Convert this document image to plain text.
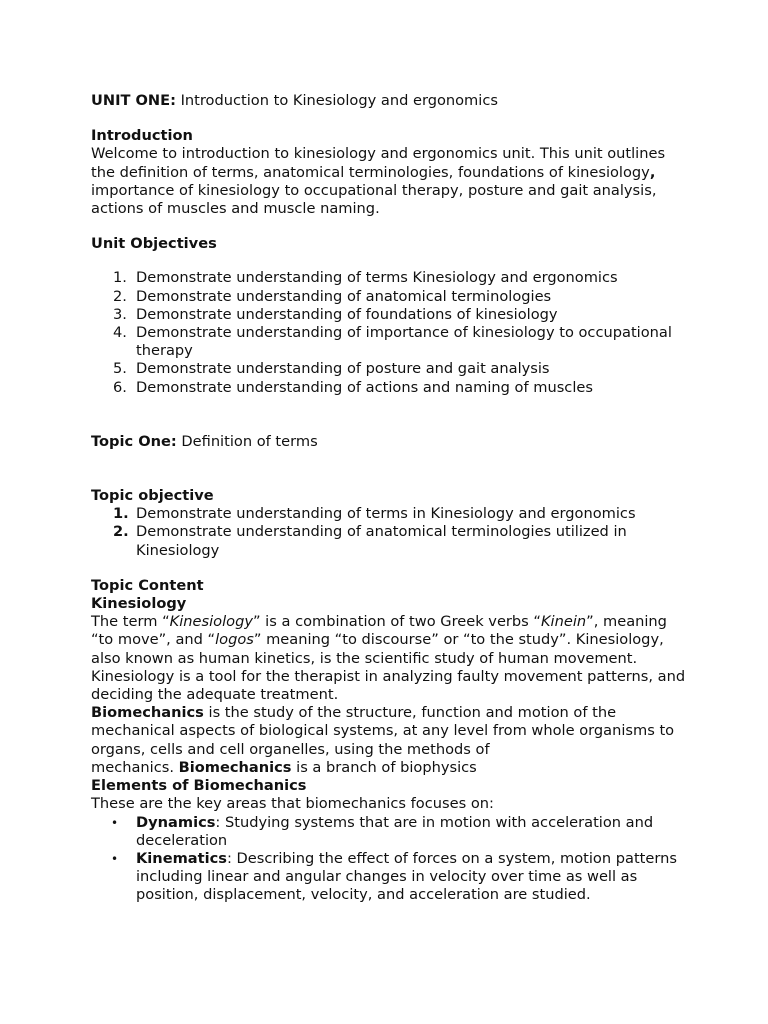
UNIT ONE: Introduction to Kinesiology and ergonomics

Introduction

Welcome to introduction to kinesiology and ergonomics unit. This unit outlines the definition of terms, anatomical terminologies, foundations of kinesiology, importance of kinesiology to occupational therapy, posture and gait analysis, actions of muscles and muscle naming.

Unit Objectives

1. Demonstrate understanding of terms Kinesiology and ergonomics
2. Demonstrate understanding of anatomical terminologies
3. Demonstrate understanding of foundations of kinesiology
4. Demonstrate understanding of importance of kinesiology to occupational therapy
5. Demonstrate understanding of posture and gait analysis
6. Demonstrate understanding of actions and naming of muscles

Topic One: Definition of terms

Topic objective

1. Demonstrate understanding of terms in Kinesiology and ergonomics
2. Demonstrate understanding of anatomical terminologies utilized in Kinesiology

Topic Content

Kinesiology

The term “Kinesiology” is a combination of two Greek verbs “Kinein”, meaning “to move”, and “logos” meaning “to discourse” or “to the study”. Kinesiology, also known as human kinetics, is the scientific study of human movement. Kinesiology is a tool for the therapist in analyzing faulty movement patterns, and deciding the adequate treatment.

Biomechanics is the study of the structure, function and motion of the mechanical aspects of biological systems, at any level from whole organisms to organs, cells and cell organelles, using the methods of
mechanics. Biomechanics is a branch of biophysics

Elements of Biomechanics

These are the key areas that biomechanics focuses on:

• Dynamics: Studying systems that are in motion with acceleration and deceleration
• Kinematics: Describing the effect of forces on a system, motion patterns including linear and angular changes in velocity over time as well as position, displacement, velocity, and acceleration are studied.
